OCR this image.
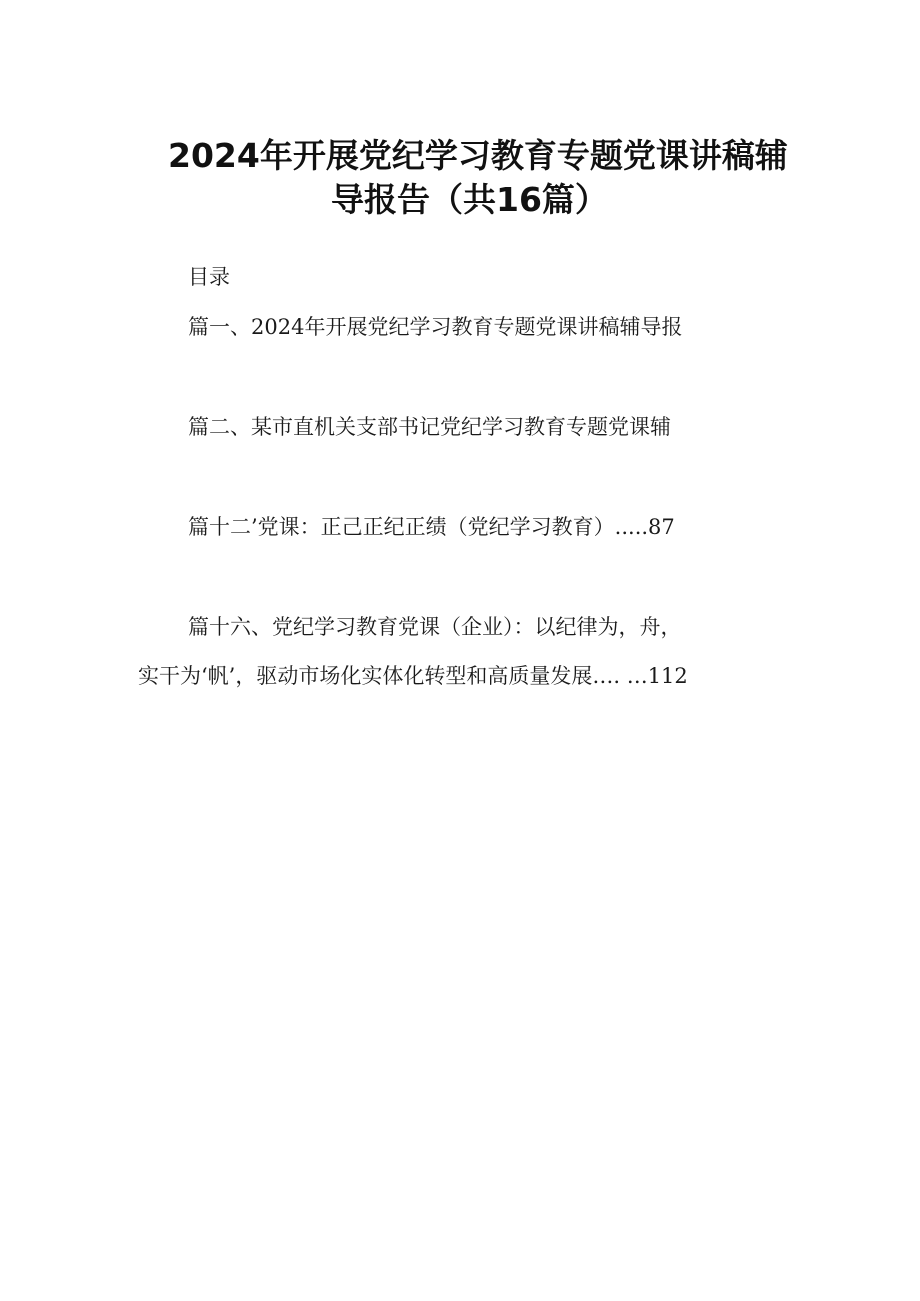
2024年开展党纪学习教育专题党课讲稿辅
导报告（共16篇）
目录
篇一、2024年开展党纪学习教育专题党课讲稿辅导报
篇二、某市直机关支部书记党纪学习教育专题党课辅
篇十二’党课：正己正纪正绩（党纪学习教育）.....87
篇十六、党纪学习教育党课（企业）：以纪律为，舟，
实干为‘帆’，驱动市场化实体化转型和高质量发展…. …112
